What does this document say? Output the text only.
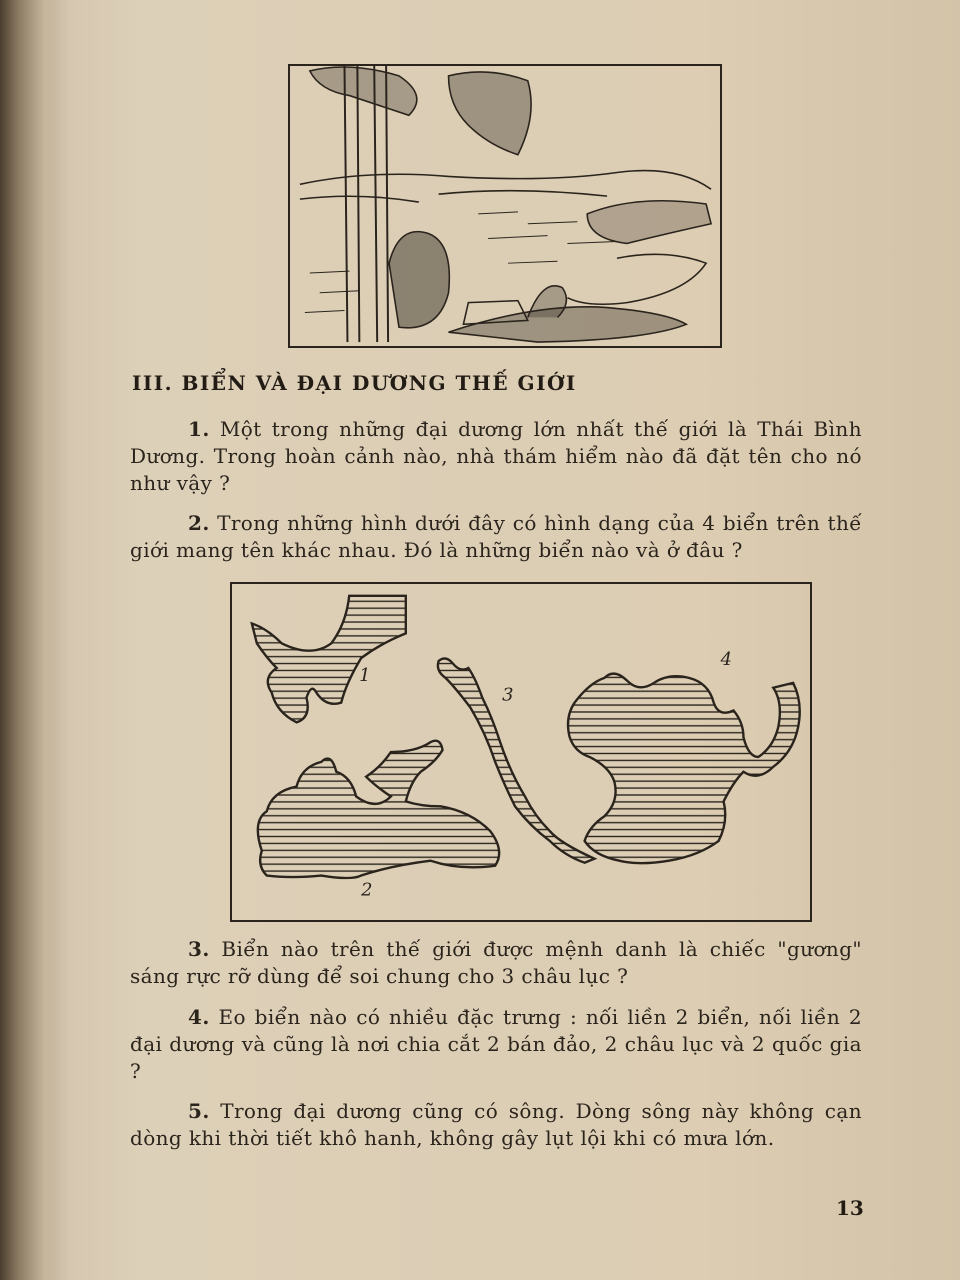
III. BIỂN VÀ ĐẠI DƯƠNG THẾ GIỚI

1. Một trong những đại dương lớn nhất thế giới là Thái Bình Dương. Trong hoàn cảnh nào, nhà thám hiểm nào đã đặt tên cho nó như vậy ?

2. Trong những hình dưới đây có hình dạng của 4 biển trên thế giới mang tên khác nhau. Đó là những biển nào và ở đâu ?

1
2
3
4

3. Biển nào trên thế giới được mệnh danh là chiếc "gương" sáng rực rỡ dùng để soi chung cho 3 châu lục ?

4. Eo biển nào có nhiều đặc trưng : nối liền 2 biển, nối liền 2 đại dương và cũng là nơi chia cắt 2 bán đảo, 2 châu lục và 2 quốc gia ?

5. Trong đại dương cũng có sông. Dòng sông này không cạn dòng khi thời tiết khô hanh, không gây lụt lội khi có mưa lớn.

13
